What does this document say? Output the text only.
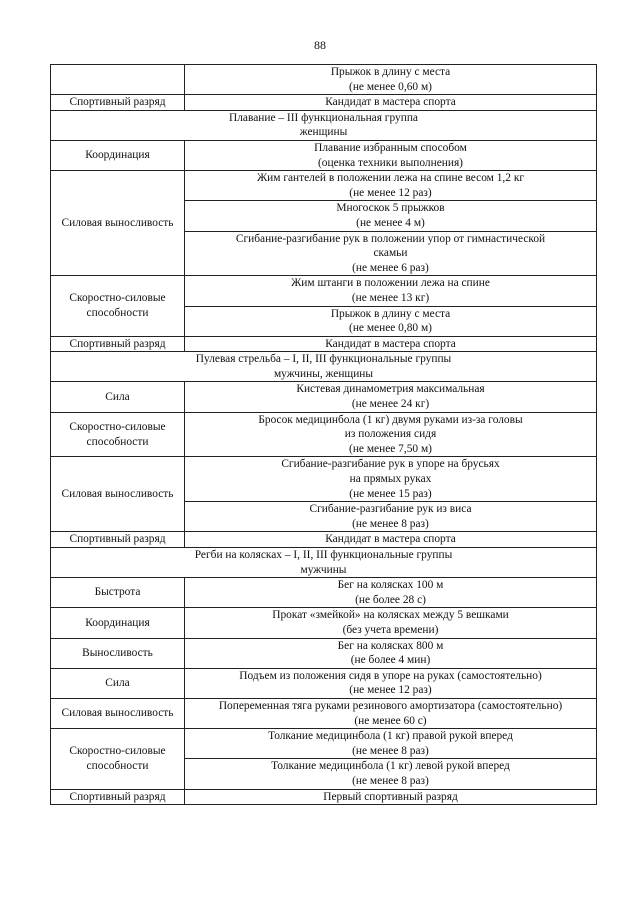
88

	Прыжок в длину с места
(не менее 0,60 м)

Спортивный разряд	Кандидат в мастера спорта

Плавание – III функциональная группа
женщины	

Координация	Плавание избранным способом
(оценка техники выполнения)

Силовая выносливость	Жим гантелей в положении лежа на спине весом 1,2 кг
(не менее 12 раз)

	Многоскок 5 прыжков
(не менее 4 м)

	Сгибание-разгибание рук в положении упор от гимнастической
скамьи
(не менее 6 раз)

Скоростно-силовые способности	Жим штанги в положении лежа на спине
(не менее 13 кг)

	Прыжок в длину с места
(не менее 0,80 м)

Спортивный разряд	Кандидат в мастера спорта

Пулевая стрельба – I, II, III функциональные группы
мужчины, женщины	

Сила	Кистевая динамометрия максимальная
(не менее 24 кг)

Скоростно-силовые способности	Бросок медицинбола (1 кг) двумя руками из-за головы
из положения сидя
(не менее 7,50 м)

Силовая выносливость	Сгибание-разгибание рук в упоре на брусьях
на прямых руках
(не менее 15 раз)

	Сгибание-разгибание рук из виса
(не менее 8 раз)

Спортивный разряд	Кандидат в мастера спорта

Регби на колясках – I, II, III функциональные группы
мужчины	

Быстрота	Бег на колясках 100 м
(не более 28 с)

Координация	Прокат «змейкой» на колясках между 5 вешками
(без учета времени)

Выносливость	Бег на колясках 800 м
(не более 4 мин)

Сила	Подъем из положения сидя в упоре на руках (самостоятельно)
(не менее 12 раз)

Силовая выносливость	Попеременная тяга руками резинового амортизатора (самостоятельно)
(не менее 60 с)

Скоростно-силовые способности	Толкание медицинбола (1 кг) правой рукой вперед
(не менее 8 раз)

	Толкание медицинбола (1 кг) левой рукой вперед
(не менее 8 раз)

Спортивный разряд	Первый спортивный разряд
